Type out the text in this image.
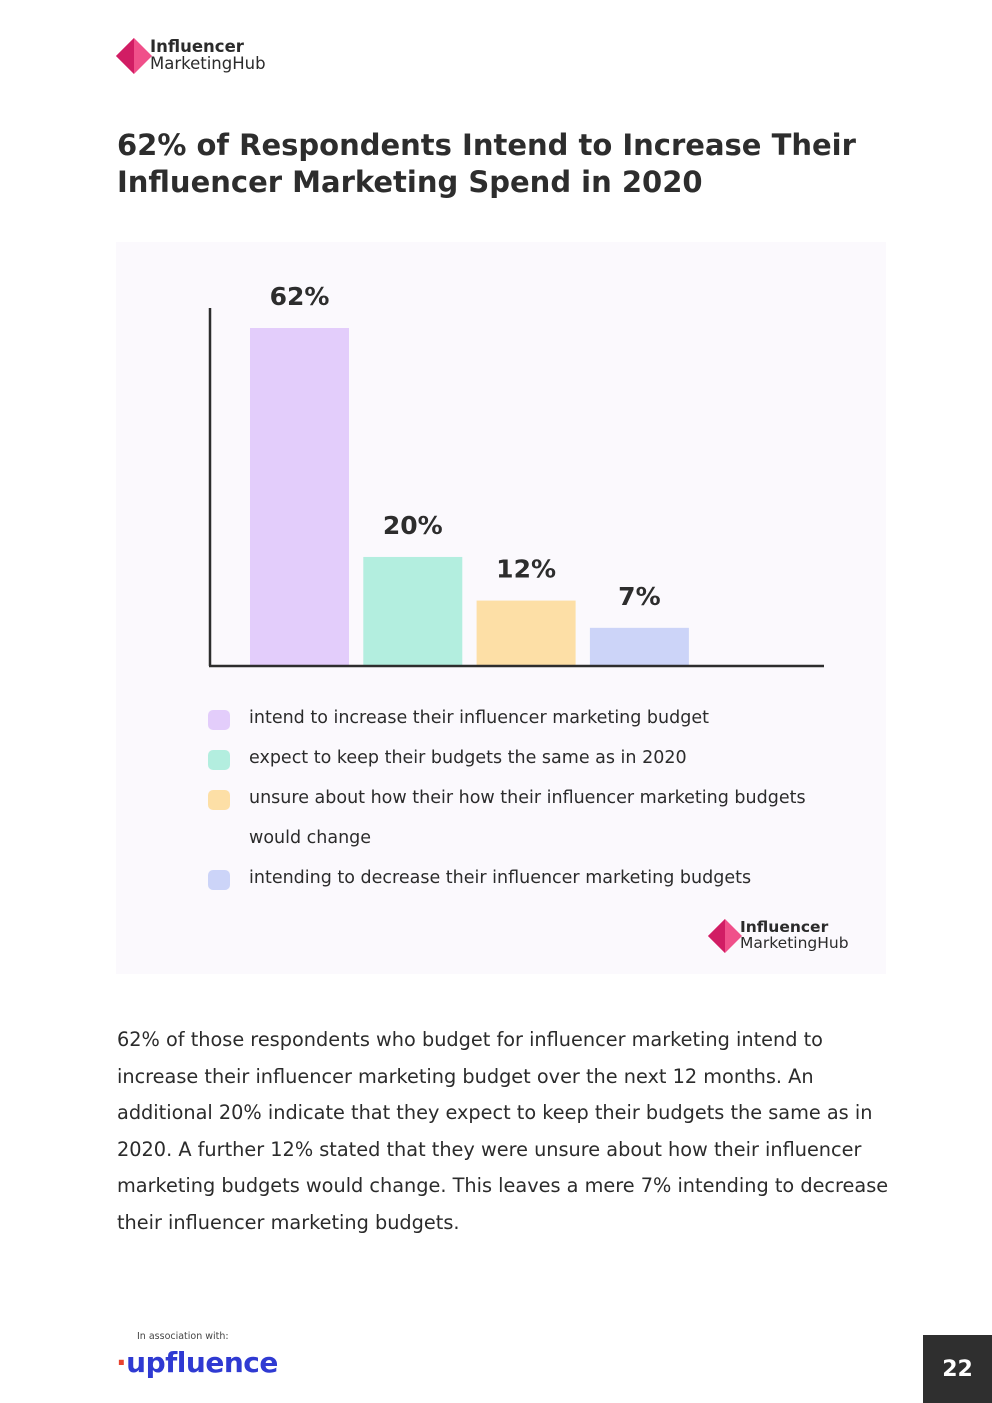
Influencer
MarketingHub
62% of Respondents Intend to Increase Their Influencer Marketing Spend in 2020
62%
20%
12%
7%
intend to increase their influencer marketing budget
expect to keep their budgets the same as in 2020
unsure about how their how their influencer marketing budgets would change
intending to decrease their influencer marketing budgets
Influencer
MarketingHub

62% of those respondents who budget for influencer marketing intend to increase their influencer marketing budget over the next 12 months. An additional 20% indicate that they expect to keep their budgets the same as in 2020. A further 12% stated that they were unsure about how their influencer marketing budgets would change. This leaves a mere 7% intending to decrease their influencer marketing budgets.

In association with:
·upfluence	22
